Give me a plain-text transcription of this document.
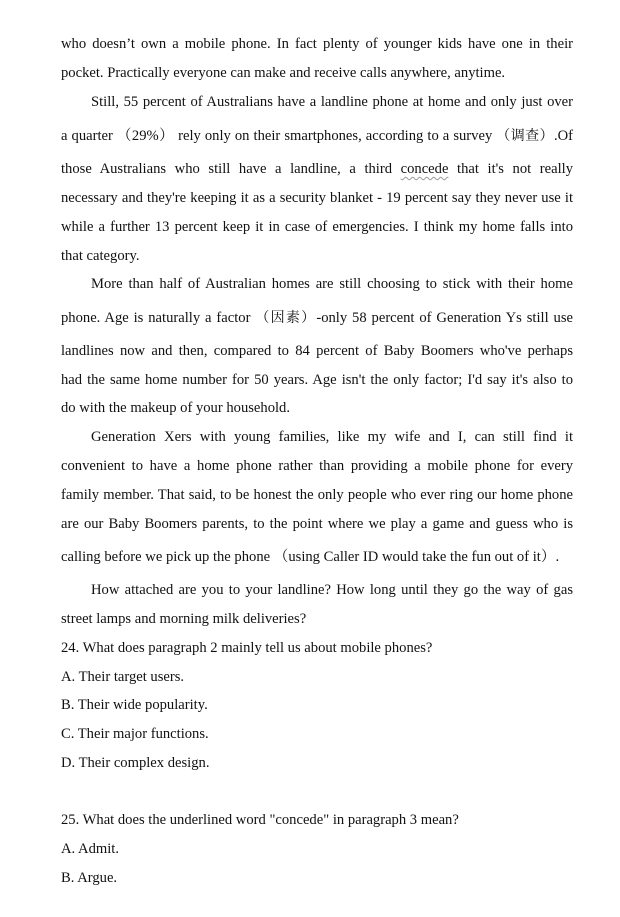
who doesn’t own a mobile phone. In fact plenty of younger kids have one in their
pocket. Practically everyone can make and receive calls anywhere, anytime.
Still, 55 percent of Australians have a landline phone at home and only just over
a quarter （29%） rely only on their smartphones, according to a survey （调查）.Of
those Australians who still have a landline, a third concede that it's not really
necessary and they're keeping it as a security blanket - 19 percent say they never use it
while a further 13 percent keep it in case of emergencies. I think my home falls into
that category.
More than half of Australian homes are still choosing to stick with their home
phone. Age is naturally a factor （因素）-only 58 percent of Generation Ys still use
landlines now and then, compared to 84 percent of Baby Boomers who've perhaps
had the same home number for 50 years. Age isn't the only factor; I'd say it's also to
do with the makeup of your household.
Generation Xers with young families, like my wife and I, can still find it
convenient to have a home phone rather than providing a mobile phone for every
family member. That said, to be honest the only people who ever ring our home phone
are our Baby Boomers parents, to the point where we play a game and guess who is
calling before we pick up the phone （using Caller ID would take the fun out of it）.
How attached are you to your landline? How long until they go the way of gas
street lamps and morning milk deliveries?
24. What does paragraph 2 mainly tell us about mobile phones?
A. Their target users.
B. Their wide popularity.
C. Their major functions.
D. Their complex design.
25. What does the underlined word "concede" in paragraph 3 mean?
A. Admit.
B. Argue.
